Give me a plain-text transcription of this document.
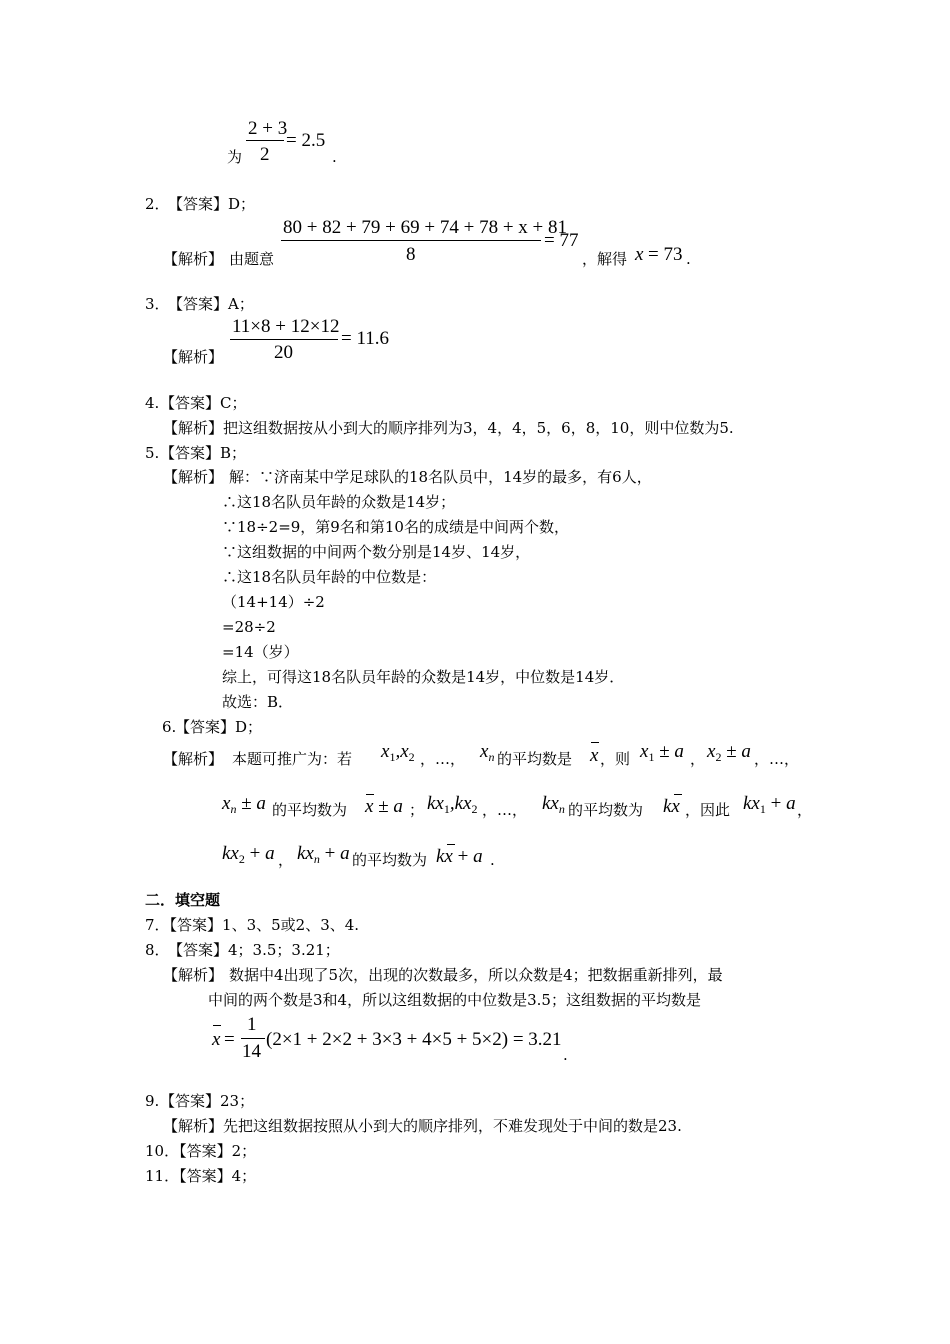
为
2 + 3
2
= 2.5
.
2．
【答案】D；
【解析】 由题意
80 + 82 + 79 + 69 + 74 + 78 + x + 81
8
= 77
，解得 x = 73 .
3．
【答案】A；
【解析】
11×8 + 12×12
20
= 11.6
4. 【答案】C；
【解析】把这组数据按从小到大的顺序排列为3，4，4，5，6，8，10，则中位数为5.
5. 【答案】B；
【解析】 解：∵济南某中学足球队的18名队员中，14岁的最多，有6人，
∴这18名队员年龄的众数是14岁；
∵18÷2=9，第9名和第10名的成绩是中间两个数，
∵这组数据的中间两个数分别是14岁、14岁，
∴这18名队员年龄的中位数是：
（14+14）÷2
=28÷2
=14（岁）
综上，可得这18名队员年龄的众数是14岁，中位数是14岁．
故选：B．
6.
【答案】D；
【解析】 本题可推广为：若 $x_1,x_2$ ，…， $x_n$ 的平均数是 x ，则 $x_1 \pm a$ ， $x_2 \pm a$ ，…，
$x_n \pm a$ 的平均数为 x ± a ； $kx_1,kx_2$ ，…， $kx_n$ 的平均数为 kx ，因此 $kx_1 + a$ ，
$kx_2 + a$ ， $kx_n + a$ 的平均数为 kx + a .
二．填空题
7．【答案】1、3、5或2、3、4.
8．
【答案】4；3.5；3.21；
【解析】 数据中4出现了5次，出现的次数最多，所以众数是4；把数据重新排列，最
中间的两个数是3和4，所以这组数据的中位数是3.5；这组数据的平均数是
x =
1
14
(2×1 + 2×2 + 3×3 + 4×5 + 5×2) = 3.21
.
9. 【答案】23；
【解析】先把这组数据按照从小到大的顺序排列，不难发现处于中间的数是23.
10．【答案】2；
11．【答案】4；
